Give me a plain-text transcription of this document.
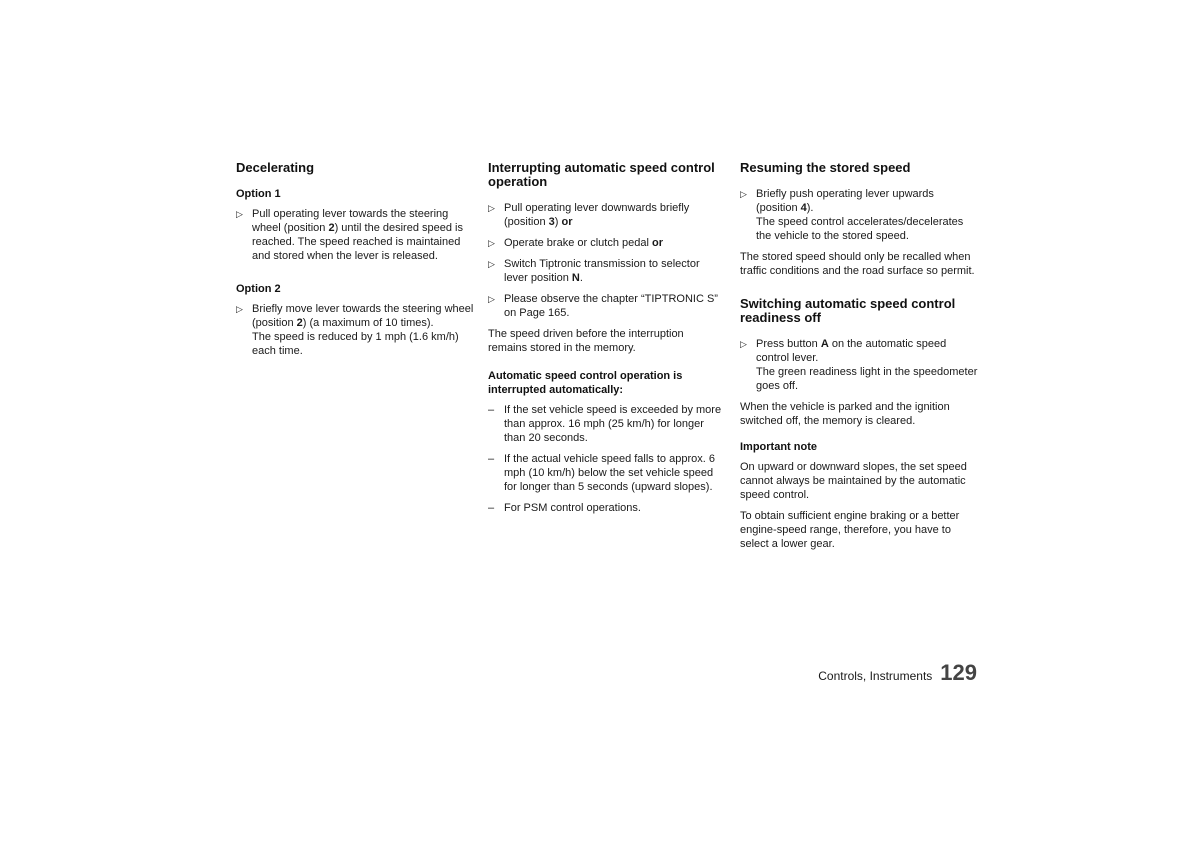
Decelerating
Option 1
▷ Pull operating lever towards the steering wheel (position 2) until the desired speed is reached. The speed reached is maintained and stored when the lever is released.
Option 2
▷ Briefly move lever towards the steering wheel (position 2) (a maximum of 10 times).
The speed is reduced by 1 mph (1.6 km/h) each time.
Interrupting automatic speed control operation
▷ Pull operating lever downwards briefly (position 3) or
▷ Operate brake or clutch pedal or
▷ Switch Tiptronic transmission to selector lever position N.
▷ Please observe the chapter “TIPTRONIC S” on Page 165.

The speed driven before the interruption remains stored in the memory.

Automatic speed control operation is interrupted automatically:
– If the set vehicle speed is exceeded by more than approx. 16 mph (25 km/h) for longer than 20 seconds.
– If the actual vehicle speed falls to approx. 6 mph (10 km/h) below the set vehicle speed for longer than 5 seconds (upward slopes).
– For PSM control operations.
Resuming the stored speed
▷ Briefly push operating lever upwards (position 4).
The speed control accelerates/decelerates the vehicle to the stored speed.

The stored speed should only be recalled when traffic conditions and the road surface so permit.

Switching automatic speed control readiness off
▷ Press button A on the automatic speed control lever.
The green readiness light in the speedometer goes off.

When the vehicle is parked and the ignition switched off, the memory is cleared.

Important note

On upward or downward slopes, the set speed cannot always be maintained by the automatic speed control.

To obtain sufficient engine braking or a better engine-speed range, therefore, you have to select a lower gear.

Controls, Instruments 129
